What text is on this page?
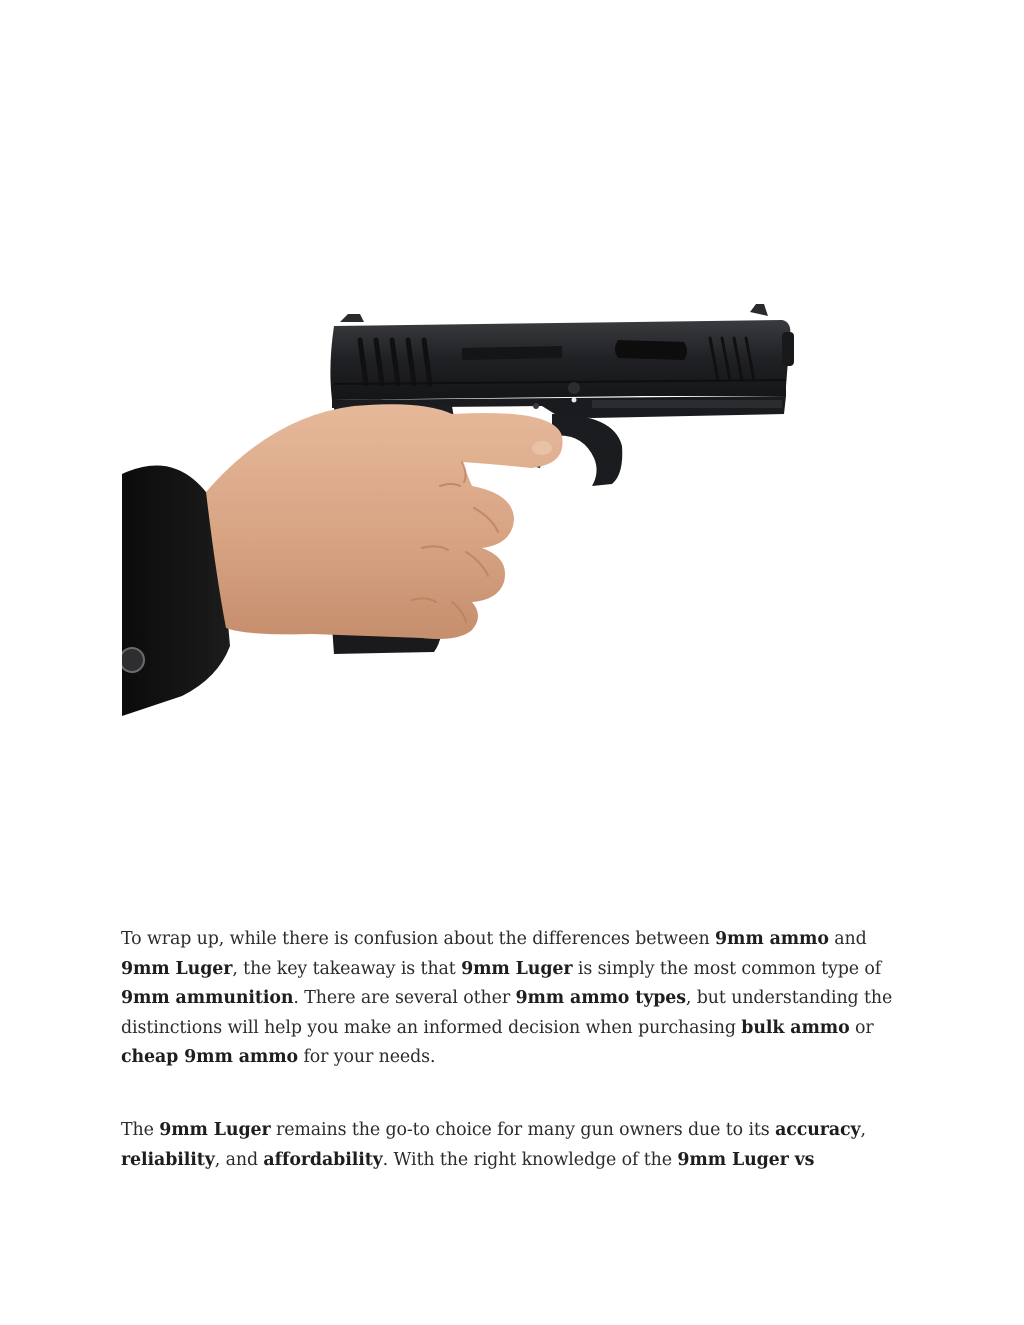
To wrap up, while there is confusion about the differences between 9mm ammo and 9mm Luger, the key takeaway is that 9mm Luger is simply the most common type of 9mm ammunition. There are several other 9mm ammo types, but understanding the distinctions will help you make an informed decision when purchasing bulk ammo or cheap 9mm ammo for your needs.

The 9mm Luger remains the go-to choice for many gun owners due to its accuracy, reliability, and affordability. With the right knowledge of the 9mm Luger vs
